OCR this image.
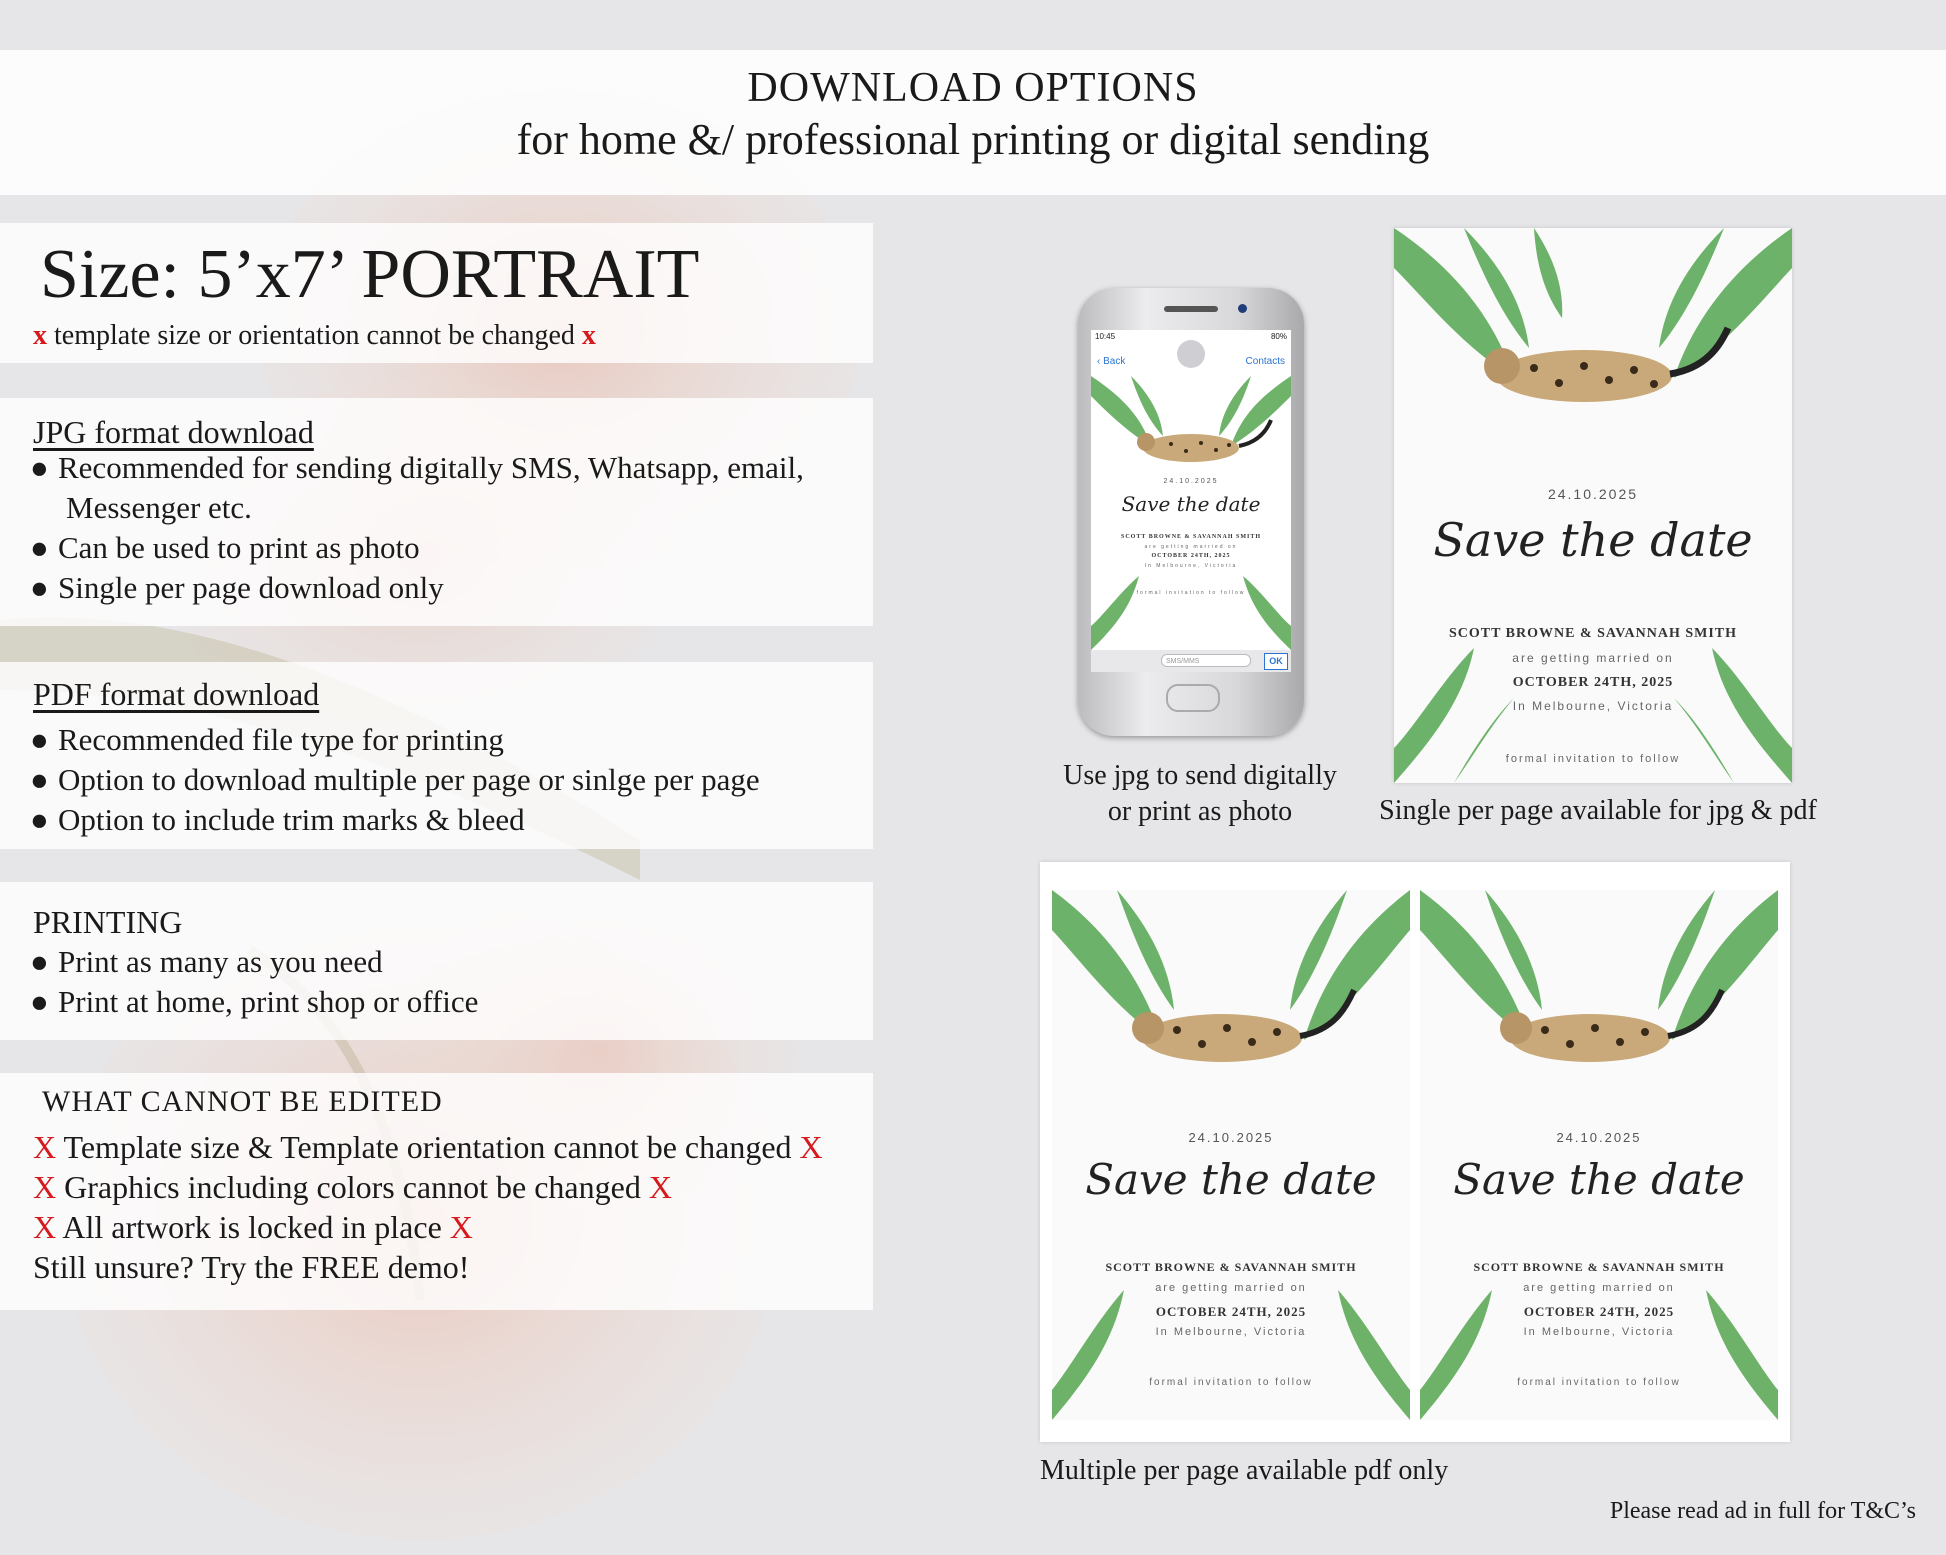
DOWNLOAD OPTIONS
for home &/ professional printing or digital sending
Size: 5’x7’ PORTRAIT
x template size or orientation cannot be changed x
JPG format download
● Recommended for sending digitally SMS, Whatsapp, email,
Messenger etc.
● Can be used to print as photo
● Single per page download only
PDF format download
● Recommended file type for printing
● Option to download multiple per page or sinlge per page
● Option to include trim marks & bleed
PRINTING
● Print as many as you need
● Print at home, print shop or office
WHAT CANNOT BE EDITED
X Template size & Template orientation cannot be changed X
X Graphics including colors cannot be changed X
X All artwork is locked in place X
Still unsure? Try the FREE demo!
10:45	80%
‹ Back	Contacts
24.10.2025
Save the date
SCOTT BROWNE & SAVANNAH SMITH
are getting married on
OCTOBER 24TH, 2025
In Melbourne, Victoria
formal invitation to follow
SMS/MMS	OK
Use jpg to send digitally
or print as photo
24.10.2025
Save the date
SCOTT BROWNE & SAVANNAH SMITH
are getting married on
OCTOBER 24TH, 2025
In Melbourne, Victoria
formal invitation to follow
Single per page available for jpg & pdf
24.10.2025
Save the date
SCOTT BROWNE & SAVANNAH SMITH
are getting married on
OCTOBER 24TH, 2025
In Melbourne, Victoria
formal invitation to follow
24.10.2025
Save the date
SCOTT BROWNE & SAVANNAH SMITH
are getting married on
OCTOBER 24TH, 2025
In Melbourne, Victoria
formal invitation to follow
Multiple per page available pdf only
Please read ad in full for T&C’s
